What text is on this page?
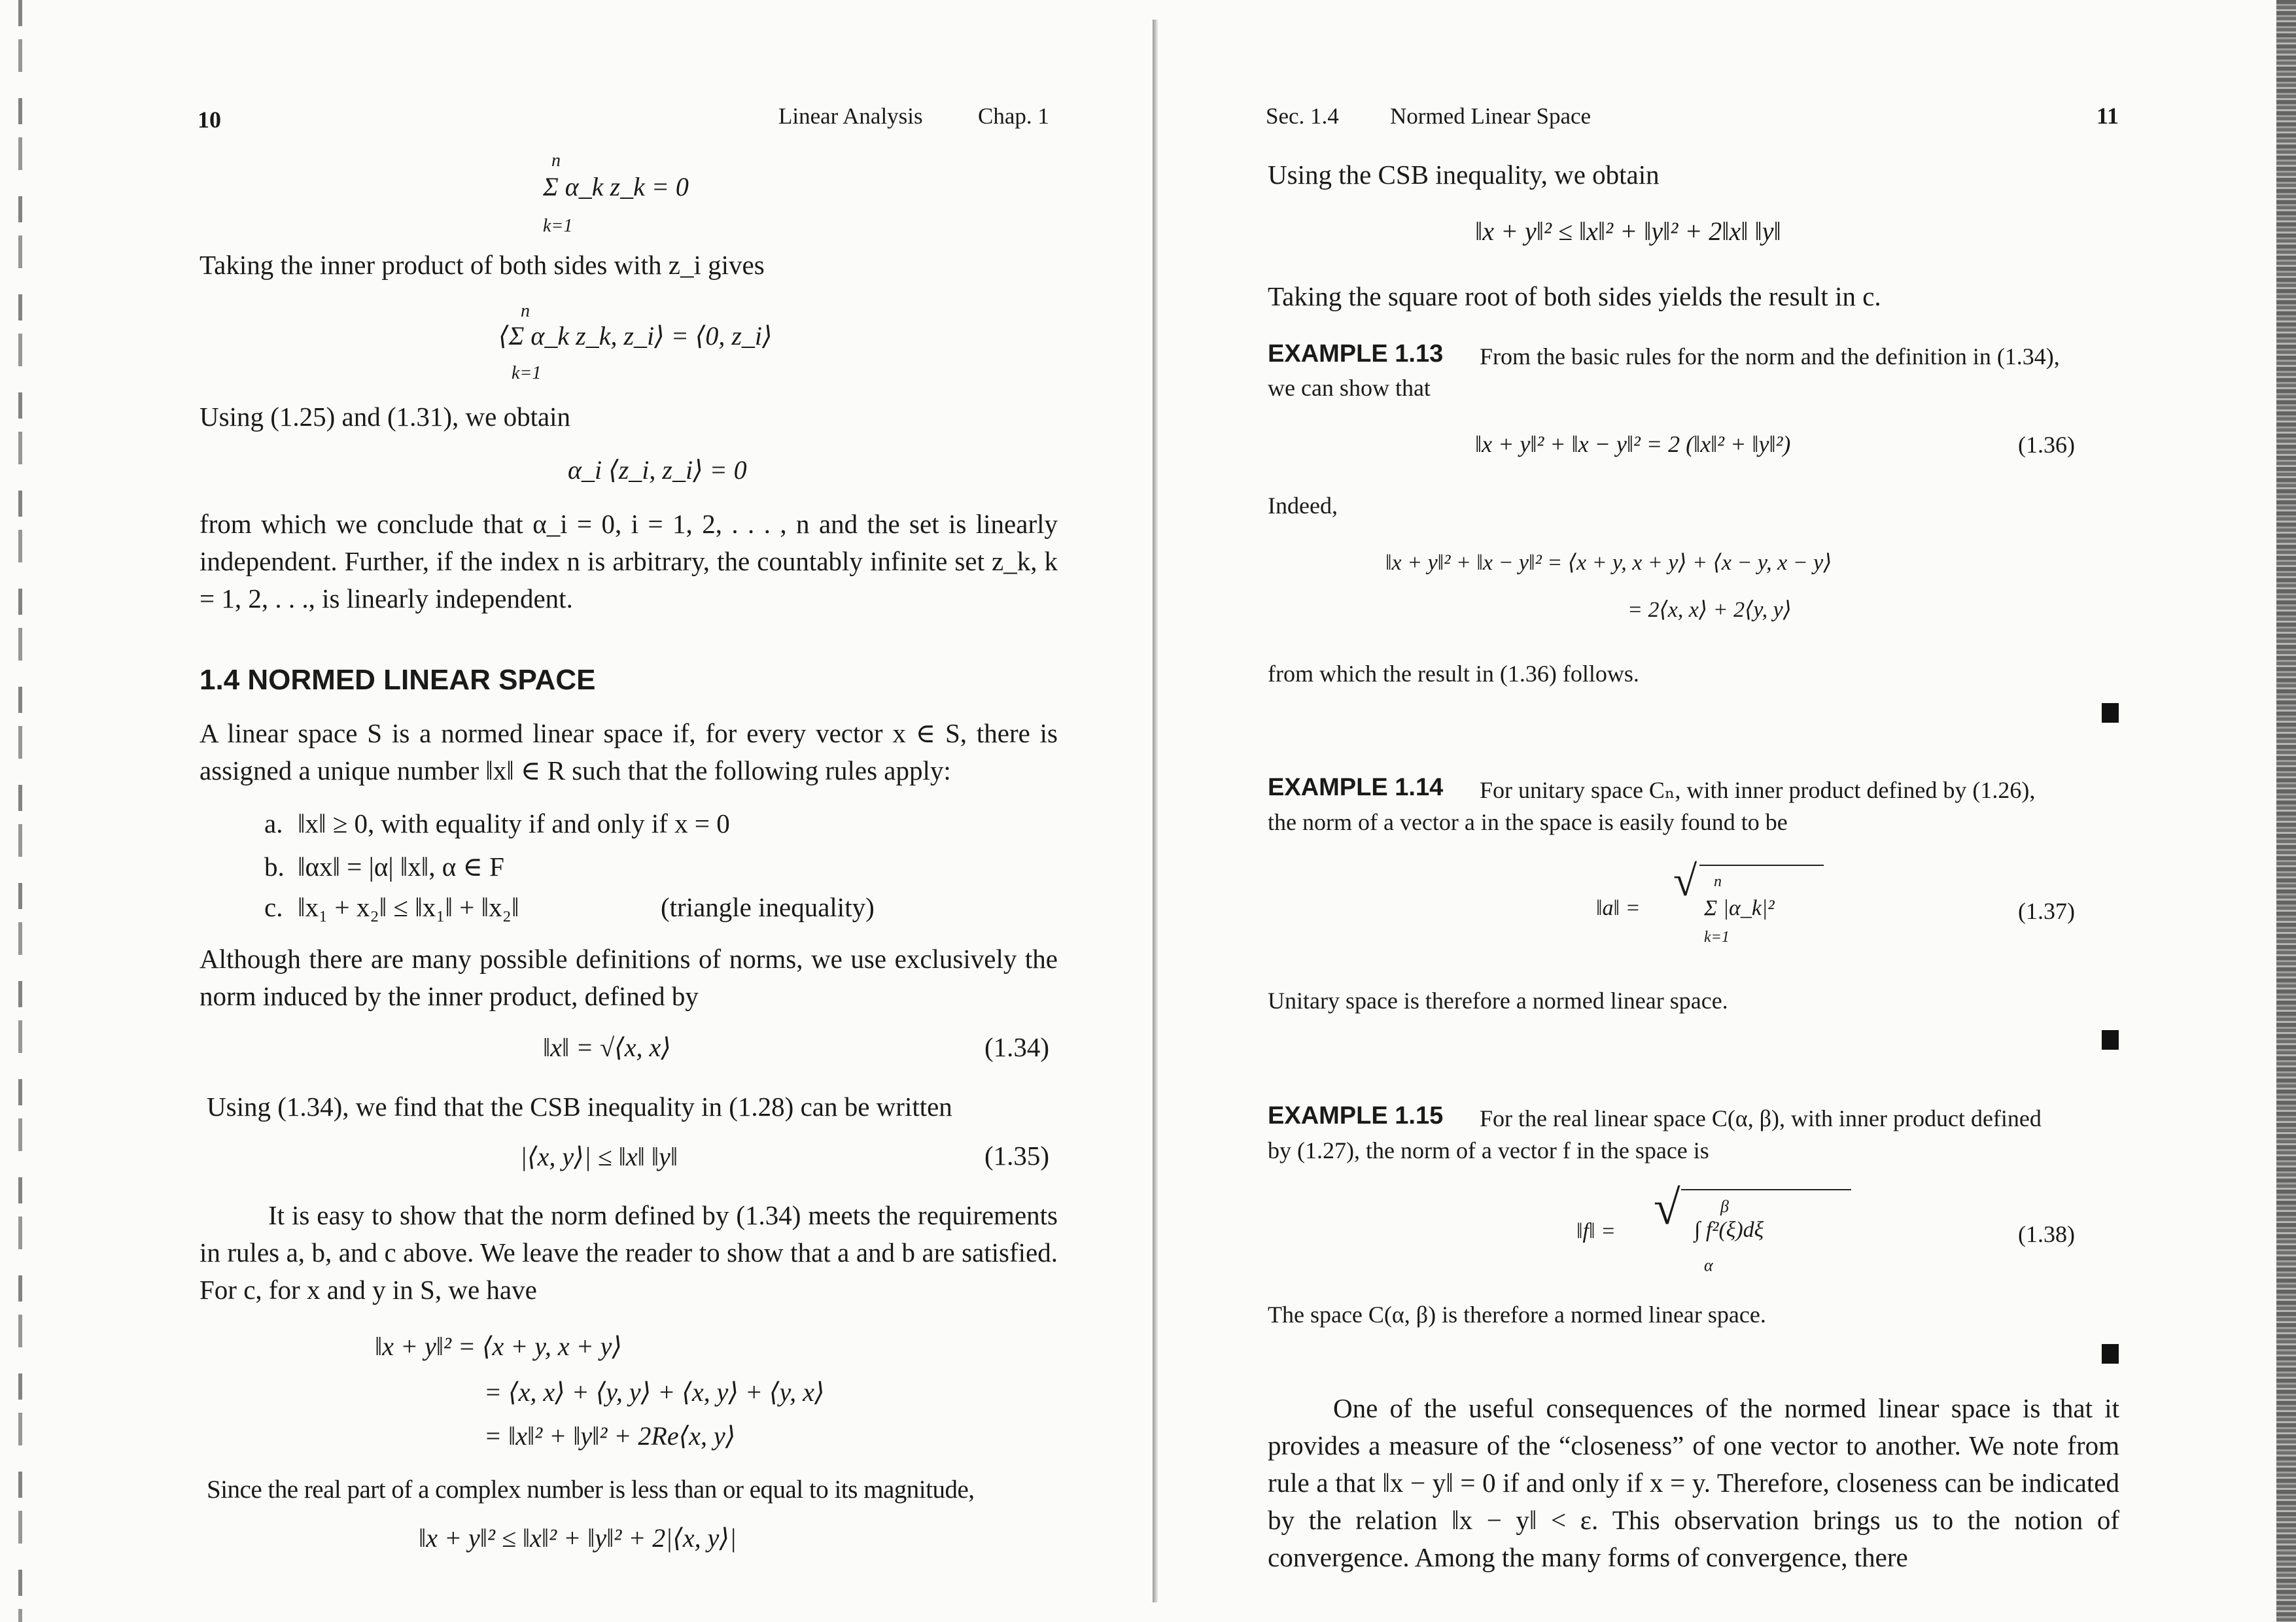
10	Linear Analysis Chap. 1
n
Σ α_k z_k = 0
k=1
Taking the inner product of both sides with z_i gives
n
⟨Σ α_k z_k, z_i⟩ = ⟨0, z_i⟩
k=1
Using (1.25) and (1.31), we obtain
α_i ⟨z_i, z_i⟩ = 0
from which we conclude that α_i = 0, i = 1, 2, . . . , n and the set is linearly independent. Further, if the index n is arbitrary, the countably infinite set z_k, k = 1, 2, . . ., is linearly independent.
1.4 NORMED LINEAR SPACE
A linear space S is a normed linear space if, for every vector x ∈ S, there is assigned a unique number ‖x‖ ∈ R such that the following rules apply:
a. ‖x‖ ≥ 0, with equality if and only if x = 0
b. ‖αx‖ = |α| ‖x‖, α ∈ F
c. ‖x₁ + x₂‖ ≤ ‖x₁‖ + ‖x₂‖	(triangle inequality)
Although there are many possible definitions of norms, we use exclusively the norm induced by the inner product, defined by
‖x‖ = √⟨x, x⟩	(1.34)
Using (1.34), we find that the CSB inequality in (1.28) can be written
|⟨x, y⟩| ≤ ‖x‖ ‖y‖	(1.35)
It is easy to show that the norm defined by (1.34) meets the requirements in rules a, b, and c above. We leave the reader to show that a and b are satisfied. For c, for x and y in S, we have
‖x + y‖² = ⟨x + y, x + y⟩
= ⟨x, x⟩ + ⟨y, y⟩ + ⟨x, y⟩ + ⟨y, x⟩
= ‖x‖² + ‖y‖² + 2Re⟨x, y⟩
Since the real part of a complex number is less than or equal to its magnitude,
‖x + y‖² ≤ ‖x‖² + ‖y‖² + 2|⟨x, y⟩|
Sec. 1.4 Normed Linear Space	11
Using the CSB inequality, we obtain
‖x + y‖² ≤ ‖x‖² + ‖y‖² + 2‖x‖ ‖y‖
Taking the square root of both sides yields the result in c.
EXAMPLE 1.13 From the basic rules for the norm and the definition in (1.34),
we can show that
‖x + y‖² + ‖x − y‖² = 2 (‖x‖² + ‖y‖²)	(1.36)
Indeed,
‖x + y‖² + ‖x − y‖² = ⟨x + y, x + y⟩ + ⟨x − y, x − y⟩
= 2⟨x, x⟩ + 2⟨y, y⟩
from which the result in (1.36) follows.
EXAMPLE 1.14 For unitary space Cₙ, with inner product defined by (1.26),
the norm of a vector a in the space is easily found to be
‖a‖ =
√ n
Σ |α_k|²
k=1
(1.37)
Unitary space is therefore a normed linear space.
EXAMPLE 1.15 For the real linear space C(α, β), with inner product defined
by (1.27), the norm of a vector f in the space is
‖f‖ = √ β
∫ f²(ξ)dξ
α
(1.38)
The space C(α, β) is therefore a normed linear space.
One of the useful consequences of the normed linear space is that it provides a measure of the “closeness” of one vector to another. We note from rule a that ‖x − y‖ = 0 if and only if x = y. Therefore, closeness can be indicated by the relation ‖x − y‖ < ε. This observation brings us to the notion of convergence. Among the many forms of convergence, there
